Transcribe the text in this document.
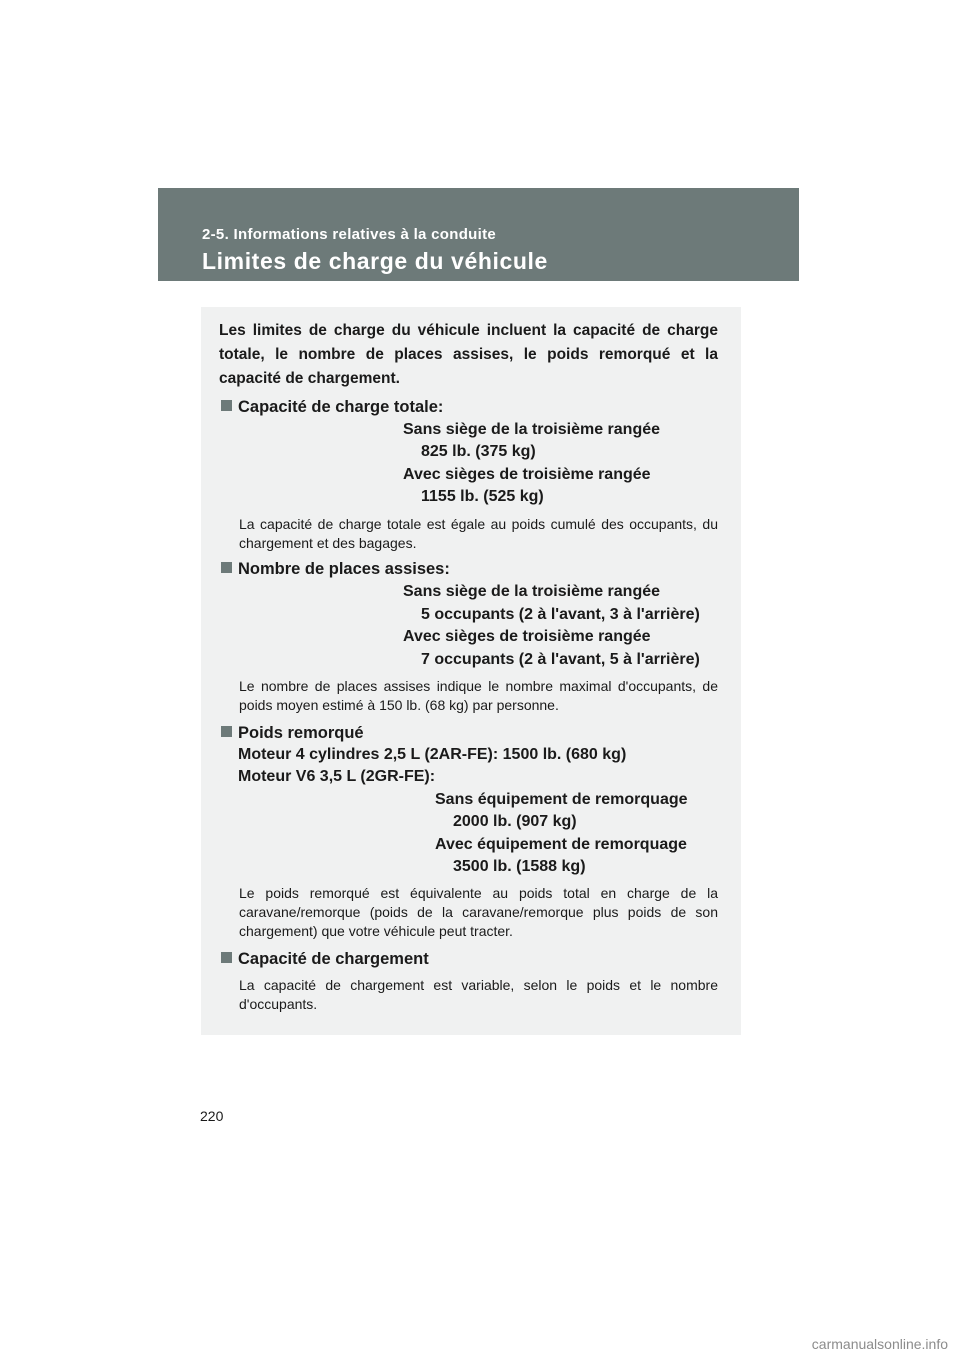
2-5. Informations relatives à la conduite
Limites de charge du véhicule
Les limites de charge du véhicule incluent la capacité de charge totale, le nombre de places assises, le poids remorqué et la capacité de chargement.
Capacité de charge totale:
Sans siège de la troisième rangée
825 lb. (375 kg)
Avec sièges de troisième rangée
1155 lb. (525 kg)
La capacité de charge totale est égale au poids cumulé des occupants, du chargement et des bagages.
Nombre de places assises:
Sans siège de la troisième rangée
5 occupants (2 à l'avant, 3 à l'arrière)
Avec sièges de troisième rangée
7 occupants (2 à l'avant, 5 à l'arrière)
Le nombre de places assises indique le nombre maximal d'occupants, de poids moyen estimé à 150 lb. (68 kg) par personne.
Poids remorqué
Moteur 4 cylindres 2,5 L (2AR-FE): 1500 lb. (680 kg)
Moteur V6 3,5 L (2GR-FE):
Sans équipement de remorquage
2000 lb. (907 kg)
Avec équipement de remorquage
3500 lb. (1588 kg)
Le poids remorqué est équivalente au poids total en charge de la caravane/remorque (poids de la caravane/remorque plus poids de son chargement) que votre véhicule peut tracter.
Capacité de chargement
La capacité de chargement est variable, selon le poids et le nombre d'occupants.
220
carmanualsonline.info
